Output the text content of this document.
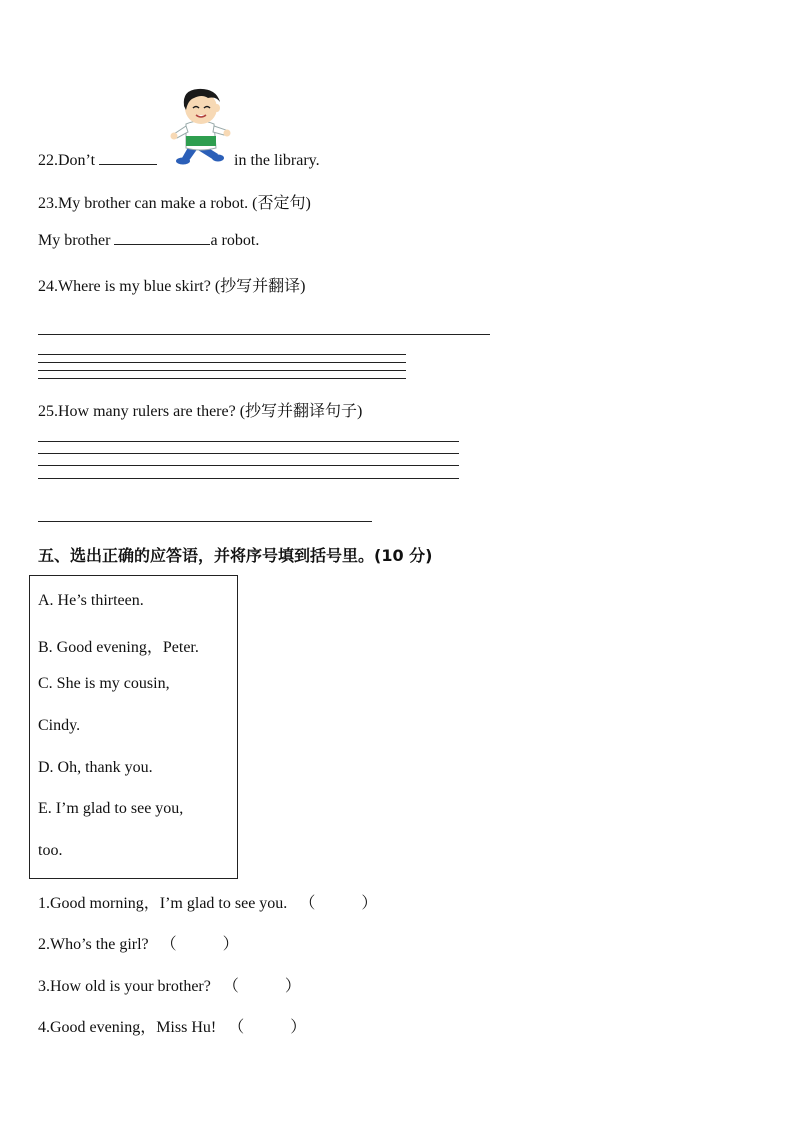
22.Don’t	in the library.
23.My brother can make a robot. (否定句)
My brother	a robot.
24.Where is my blue skirt? (抄写并翻译)
25.How many rulers are there? (抄写并翻译句子)
五、选出正确的应答语，并将序号填到括号里。(10 分)
A. He’s thirteen.
B. Good evening，Peter.
C. She is my cousin,
Cindy.
D. Oh, thank you.
E. I’m glad to see you,
too.
1.Good morning，I’m glad to see you. （	）
2.Who’s the girl? （	）
3.How old is your brother? （	）
4.Good evening，Miss Hu! （	）
